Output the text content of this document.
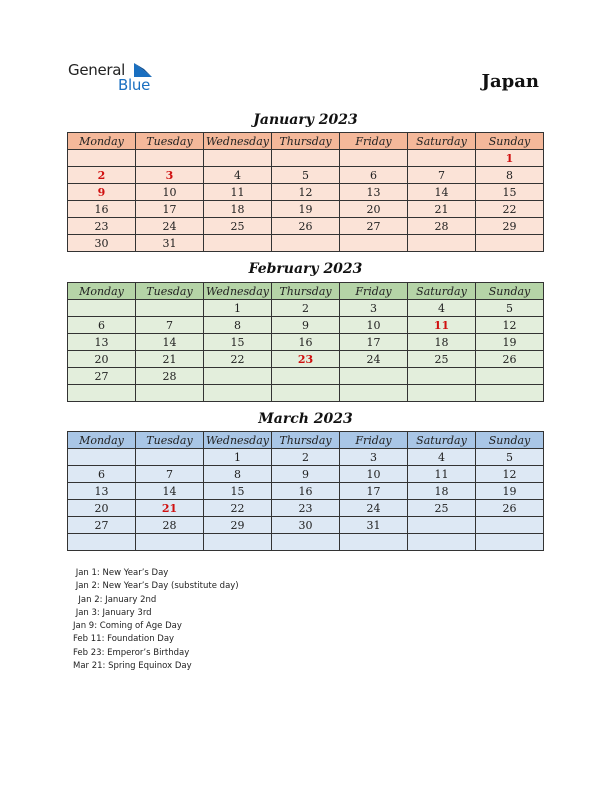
General
Blue	Japan
January 2023
Monday	Tuesday	Wednesday	Thursday	Friday	Saturday	Sunday
						1
2	3	4	5	6	7	8
9	10	11	12	13	14	15
16	17	18	19	20	21	22
23	24	25	26	27	28	29
30	31					
February 2023
Monday	Tuesday	Wednesday	Thursday	Friday	Saturday	Sunday
		1	2	3	4	5
6	7	8	9	10	11	12
13	14	15	16	17	18	19
20	21	22	23	24	25	26
27	28					

March 2023
Monday	Tuesday	Wednesday	Thursday	Friday	Saturday	Sunday
		1	2	3	4	5
6	7	8	9	10	11	12
13	14	15	16	17	18	19
20	21	22	23	24	25	26
27	28	29	30	31		

Jan 1: New Year’s Day
Jan 2: New Year’s Day (substitute day)
Jan 2: January 2nd
Jan 3: January 3rd
Jan 9: Coming of Age Day
Feb 11: Foundation Day
Feb 23: Emperor’s Birthday
Mar 21: Spring Equinox Day
